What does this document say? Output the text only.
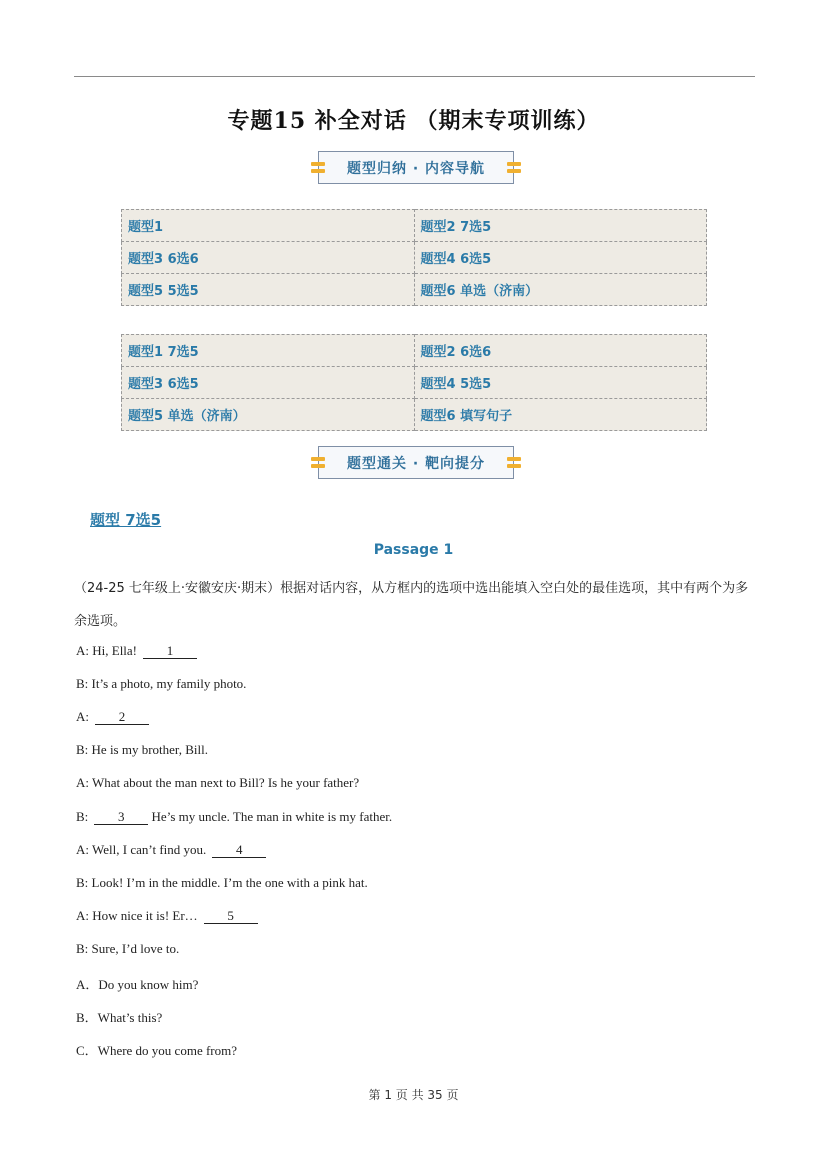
专题15 补全对话 （期末专项训练）
题型归纳 · 内容导航
题型1	题型2 7选5
题型3 6选6	题型4 6选5
题型5 5选5	题型6 单选（济南）
题型1 7选5	题型2 6选6
题型3 6选5	题型4 5选5
题型5 单选（济南）	题型6 填写句子
题型通关 · 靶向提分
题型 7选5
Passage 1
（24-25 七年级上·安徽安庆·期末）根据对话内容，从方框内的选项中选出能填入空白处的最佳选项，其中有两个为多余选项。
A: Hi, Ella! 1
B: It’s a photo, my family photo.
A: 2
B: He is my brother, Bill.
A: What about the man next to Bill? Is he your father?
B: 3 He’s my uncle. The man in white is my father.
A: Well, I can’t find you. 4
B: Look! I’m in the middle. I’m the one with a pink hat.
A: How nice it is! Er… 5
B: Sure, I’d love to.
A．Do you know him?
B．What’s this?
C．Where do you come from?
第 1 页 共 35 页
